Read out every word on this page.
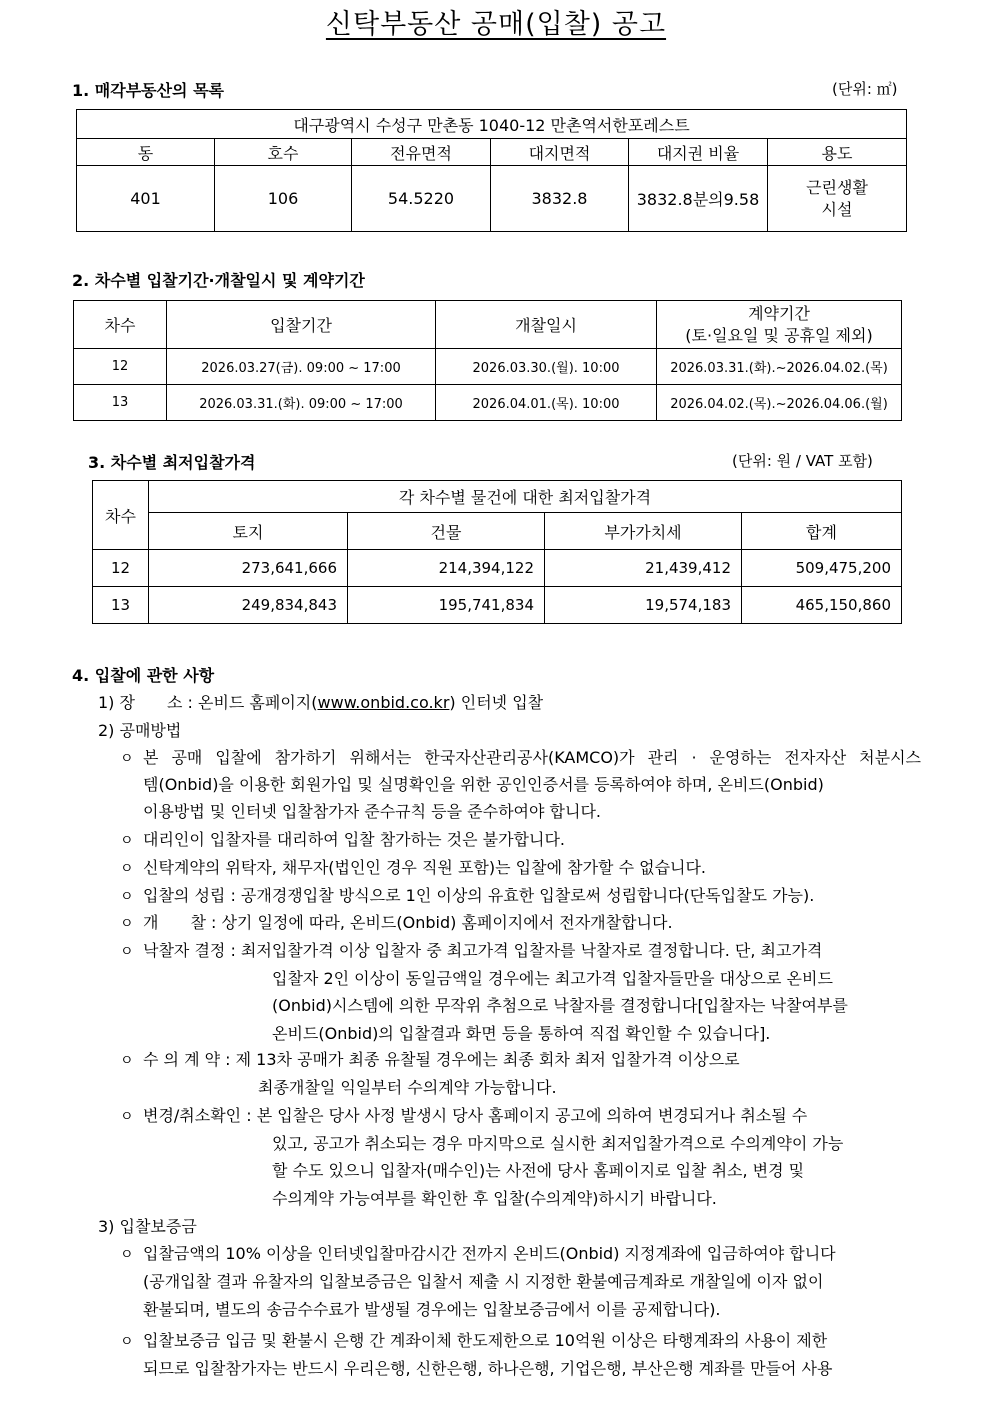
신탁부동산 공매(입찰) 공고
1. 매각부동산의 목록	(단위: ㎡)
대구광역시 수성구 만촌동 1040-12 만촌역서한포레스트					
동	호수	전유면적	대지면적	대지권 비율	용도
401	106	54.5220	3832.8	3832.8분의9.58	근린생활
시설
2. 차수별 입찰기간·개찰일시 및 계약기간
차수	입찰기간	개찰일시	계약기간
(토·일요일 및 공휴일 제외)

12	2026.03.27(금). 09:00 ~ 17:00	2026.03.30.(월). 10:00	2026.03.31.(화).~2026.04.02.(목)
13	2026.03.31.(화). 09:00 ~ 17:00	2026.04.01.(목). 10:00	2026.04.02.(목).~2026.04.06.(월)
3. 차수별 최저입찰가격	(단위: 원 / VAT 포함)
차수	각 차수별 물건에 대한 최저입찰가격			
	토지	건물	부가가치세	합계
12	273,641,666	214,394,122	21,439,412	509,475,200
13	249,834,843	195,741,834	19,574,183	465,150,860
4. 입찰에 관한 사항
1) 장　　소 : 온비드 홈페이지(www.onbid.co.kr) 인터넷 입찰
2) 공매방법
ㅇ 본 공매 입찰에 참가하기 위해서는 한국자산관리공사(KAMCO)가 관리 · 운영하는 전자자산 처분시스
템(Onbid)을 이용한 회원가입 및 실명확인을 위한 공인인증서를 등록하여야 하며, 온비드(Onbid)
이용방법 및 인터넷 입찰참가자 준수규칙 등을 준수하여야 합니다.
ㅇ 대리인이 입찰자를 대리하여 입찰 참가하는 것은 불가합니다.
ㅇ 신탁계약의 위탁자, 채무자(법인인 경우 직원 포함)는 입찰에 참가할 수 없습니다.
ㅇ 입찰의 성립 : 공개경쟁입찰 방식으로 1인 이상의 유효한 입찰로써 성립합니다(단독입찰도 가능).
ㅇ 개　　찰 : 상기 일정에 따라, 온비드(Onbid) 홈페이지에서 전자개찰합니다.
ㅇ 낙찰자 결정 : 최저입찰가격 이상 입찰자 중 최고가격 입찰자를 낙찰자로 결정합니다. 단, 최고가격
입찰자 2인 이상이 동일금액일 경우에는 최고가격 입찰자들만을 대상으로 온비드
(Onbid)시스템에 의한 무작위 추첨으로 낙찰자를 결정합니다[입찰자는 낙찰여부를
온비드(Onbid)의 입찰결과 화면 등을 통하여 직접 확인할 수 있습니다].
ㅇ 수 의 계 약 : 제 13차 공매가 최종 유찰될 경우에는 최종 회차 최저 입찰가격 이상으로
최종개찰일 익일부터 수의계약 가능합니다.
ㅇ 변경/취소확인 : 본 입찰은 당사 사정 발생시 당사 홈페이지 공고에 의하여 변경되거나 취소될 수
있고, 공고가 취소되는 경우 마지막으로 실시한 최저입찰가격으로 수의계약이 가능
할 수도 있으니 입찰자(매수인)는 사전에 당사 홈페이지로 입찰 취소, 변경 및
수의계약 가능여부를 확인한 후 입찰(수의계약)하시기 바랍니다.
3) 입찰보증금
ㅇ 입찰금액의 10% 이상을 인터넷입찰마감시간 전까지 온비드(Onbid) 지정계좌에 입금하여야 합니다
(공개입찰 결과 유찰자의 입찰보증금은 입찰서 제출 시 지정한 환불예금계좌로 개찰일에 이자 없이
환불되며, 별도의 송금수수료가 발생될 경우에는 입찰보증금에서 이를 공제합니다).
ㅇ 입찰보증금 입금 및 환불시 은행 간 계좌이체 한도제한으로 10억원 이상은 타행계좌의 사용이 제한
되므로 입찰참가자는 반드시 우리은행, 신한은행, 하나은행, 기업은행, 부산은행 계좌를 만들어 사용
